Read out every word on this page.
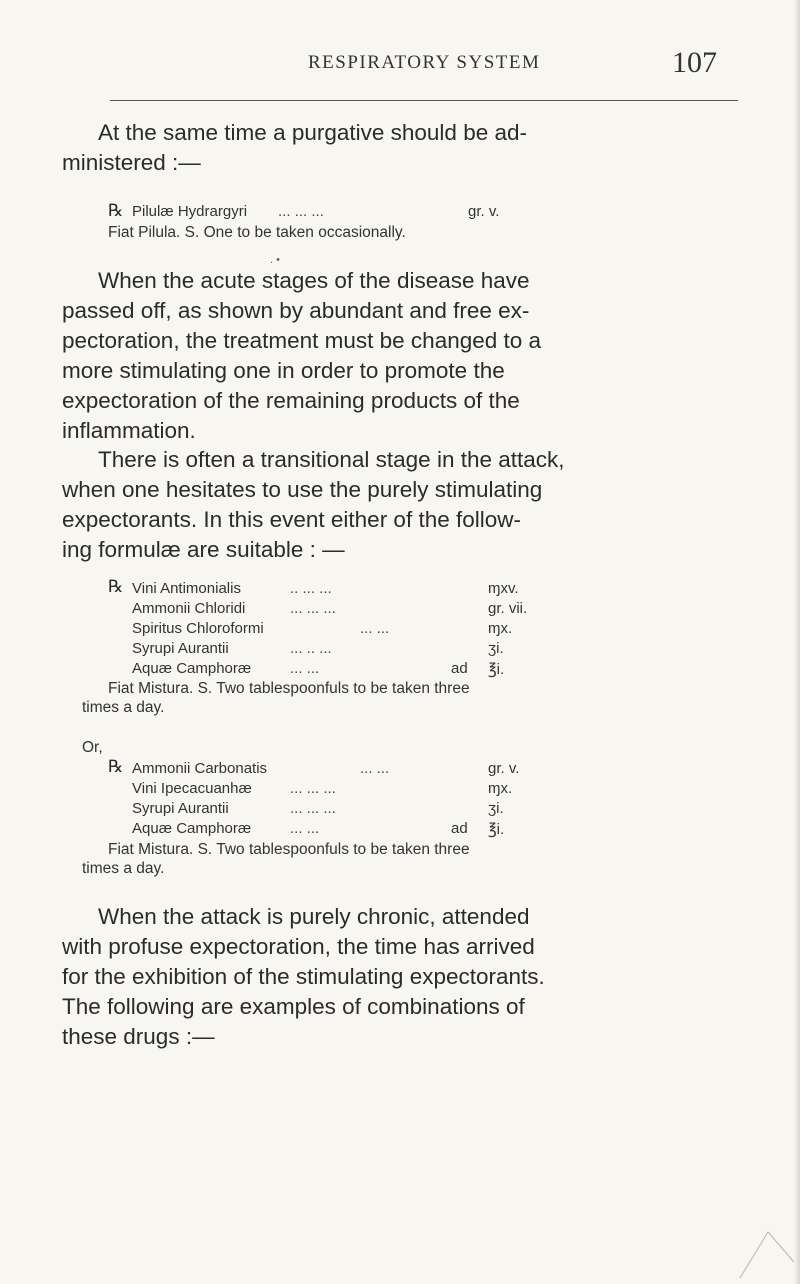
RESPIRATORY SYSTEM	107
At the same time a purgative should be ad-
ministered :—
℞ Pilulæ Hydrargyri ... ... ...	gr. v.
Fiat Pilula. S. One to be taken occasionally.
. •
When the acute stages of the disease have
passed off, as shown by abundant and free ex-
pectoration, the treatment must be changed to a
more stimulating one in order to promote the
expectoration of the remaining products of the
inflammation.
There is often a transitional stage in the attack,
when one hesitates to use the purely stimulating
expectorants. In this event either of the follow-
ing formulæ are suitable : —
℞ Vini Antimonialis	.. ... ...	ɱxv.
Ammonii Chloridi	... ... ...	gr. vii.
Spiritus Chloroformi	... ...	ɱx.
Syrupi Aurantii	... .. ...	ʒi.
Aquæ Camphoræ	... ...	ad ℥i.
Fiat Mistura. S. Two tablespoonfuls to be taken three
times a day.
Or,
℞ Ammonii Carbonatis	... ...	gr. v.
Vini Ipecacuanhæ	... ... ...	ɱx.
Syrupi Aurantii	... ... ...	ʒi.
Aquæ Camphoræ	... ...	ad ℥i.
Fiat Mistura. S. Two tablespoonfuls to be taken three
times a day.
When the attack is purely chronic, attended
with profuse expectoration, the time has arrived
for the exhibition of the stimulating expectorants.
The following are examples of combinations of
these drugs :—
